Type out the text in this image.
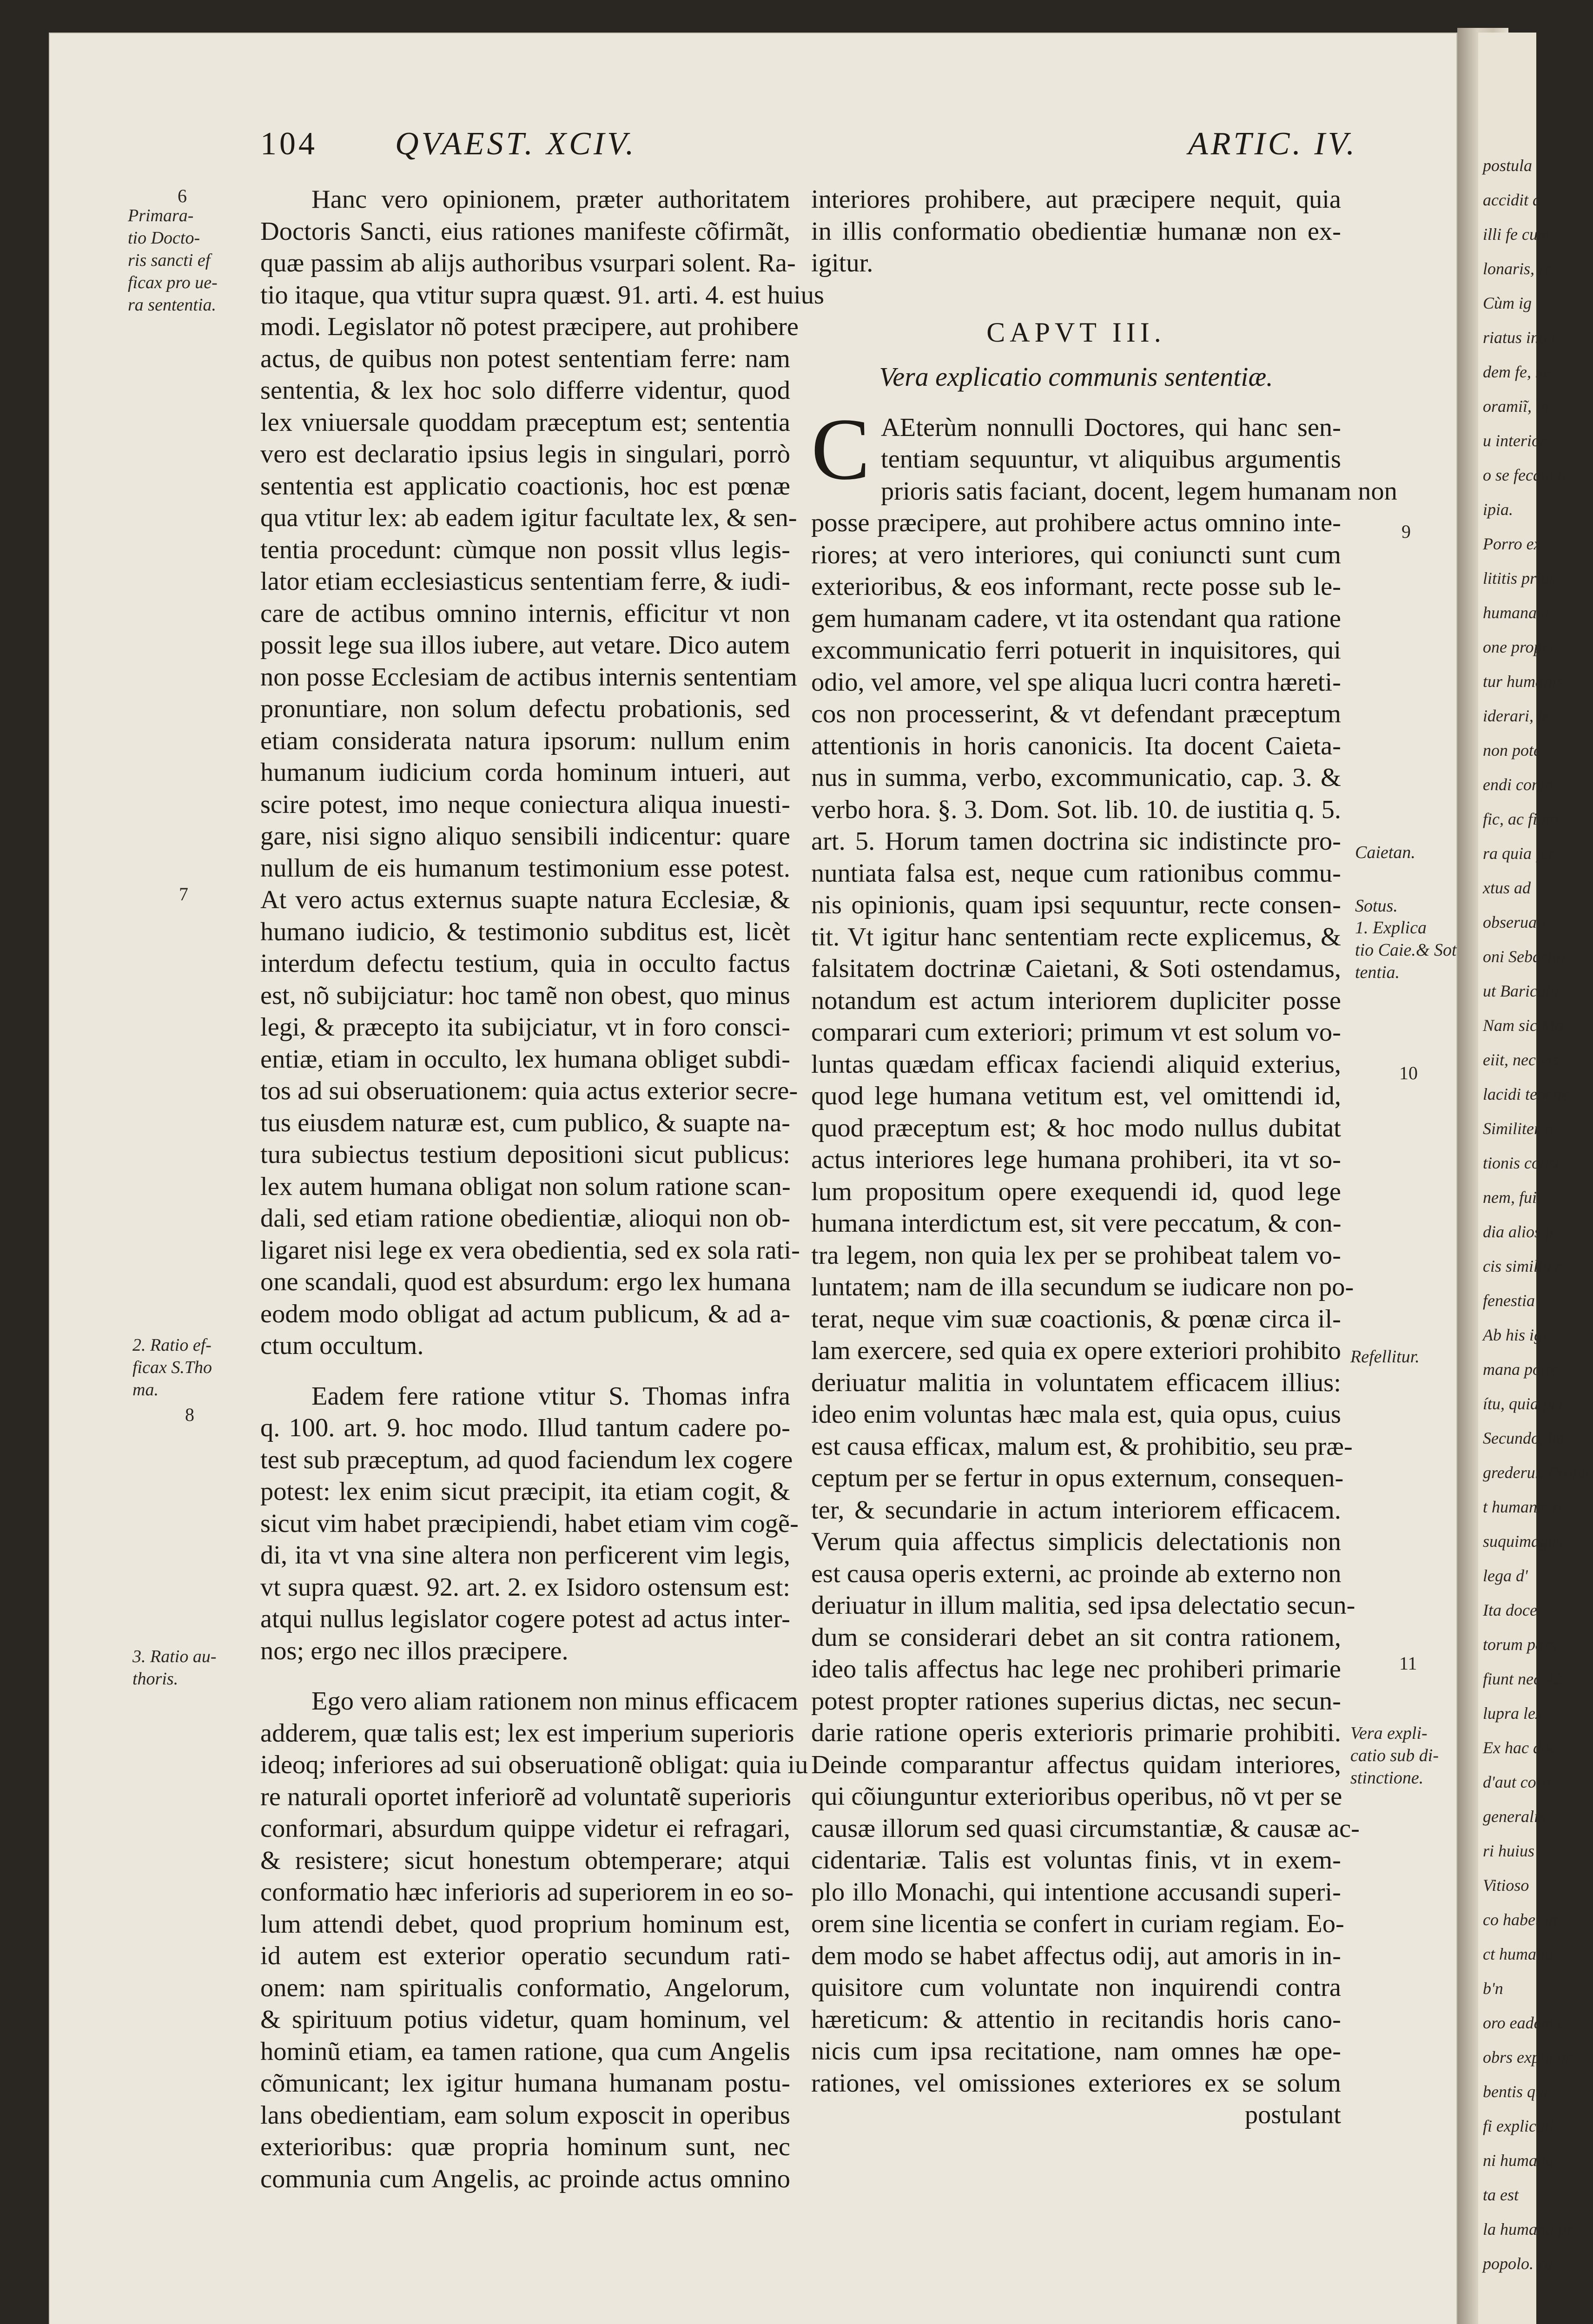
postula
accidit a
illi fe cum
lonaris, re
Cùm ig
riatus inter
dem fe, ne
oramiĩ, in
u interior
o se fecam n
ipia.
Porro ex
lititis prius
humanam
one propri
tur humanis
iderari, fe
non pote
endi confo
fic, ac fi no
ra quia fer
xtus ad
obseruati
oni Sebastiã
ut Bariculu
Nam sic Mo
eiit, nec vis
lacidi tepene
Similiter n
tionis conse
nem, fuit
dia alios fe
cis similiter
fenestia
Ab his igi
mana potte
ítu, quia pet
Secundo, ha
grederur. Propte
t humanæ p
suquimagus
lega d'
Ita doce
torum pass
fiunt nec 42
lupra lex
Ex hac doc
d'aut cosa
generalis
ri huius
Vitioso
co habet in
ct humana
b'n
oro eadem c
obrs explicar
bentis que
fi explicati
ni humana
ta est
la humana pr
popolo. ra
104 QVAEST. XCIV.	ARTIC. IV.
6
Primara-
tio Docto-
ris sancti ef
ficax pro ue-
ra sententia.
7
2. Ratio ef-
ficax S.Tho
ma.
8
3. Ratio au-
thoris.
9
Caietan.
Sotus.
1. Explica
tio Caie.& Sot
tentia.
10
Refellitur.
11
Vera expli-
catio sub di-
stinctione.
Hanc vero opinionem, præter authoritatem
Doctoris Sancti, eius rationes manifeste cõfirmãt,
quæ passim ab alijs authoribus vsurpari solent. Ra-
tio itaque, qua vtitur supra quæst. 91. arti. 4. est huius
modi. Legislator nõ potest præcipere, aut prohibere
actus, de quibus non potest sententiam ferre: nam
sententia, & lex hoc solo differre videntur, quod
lex vniuersale quoddam præceptum est; sententia
vero est declaratio ipsius legis in singulari, porrò
sententia est applicatio coactionis, hoc est pœnæ
qua vtitur lex: ab eadem igitur facultate lex, & sen-
tentia procedunt: cùmque non possit vllus legis-
lator etiam ecclesiasticus sententiam ferre, & iudi-
care de actibus omnino internis, efficitur vt non
possit lege sua illos iubere, aut vetare. Dico autem
non posse Ecclesiam de actibus internis sententiam
pronuntiare, non solum defectu probationis, sed
etiam considerata natura ipsorum: nullum enim
humanum iudicium corda hominum intueri, aut
scire potest, imo neque coniectura aliqua inuesti-
gare, nisi signo aliquo sensibili indicentur: quare
nullum de eis humanum testimonium esse potest.
At vero actus externus suapte natura Ecclesiæ, &
humano iudicio, & testimonio subditus est, licèt
interdum defectu testium, quia in occulto factus
est, nõ subijciatur: hoc tamẽ non obest, quo minus
legi, & præcepto ita subijciatur, vt in foro consci-
entiæ, etiam in occulto, lex humana obliget subdi-
tos ad sui obseruationem: quia actus exterior secre-
tus eiusdem naturæ est, cum publico, & suapte na-
tura subiectus testium depositioni sicut publicus:
lex autem humana obligat non solum ratione scan-
dali, sed etiam ratione obedientiæ, alioqui non ob-
ligaret nisi lege ex vera obedientia, sed ex sola rati-
one scandali, quod est absurdum: ergo lex humana
eodem modo obligat ad actum publicum, & ad a-
ctum occultum.
Eadem fere ratione vtitur S. Thomas infra
q. 100. art. 9. hoc modo. Illud tantum cadere po-
test sub præceptum, ad quod faciendum lex cogere
potest: lex enim sicut præcipit, ita etiam cogit, &
sicut vim habet præcipiendi, habet etiam vim cogẽ-
di, ita vt vna sine altera non perficerent vim legis,
vt supra quæst. 92. art. 2. ex Isidoro ostensum est:
atqui nullus legislator cogere potest ad actus inter-
nos; ergo nec illos præcipere.
Ego vero aliam rationem non minus efficacem
adderem, quæ talis est; lex est imperium superioris
ideoq; inferiores ad sui obseruationẽ obligat: quia iu
re naturali oportet inferiorẽ ad voluntatẽ superioris
conformari, absurdum quippe videtur ei refragari,
& resistere; sicut honestum obtemperare; atqui
conformatio hæc inferioris ad superiorem in eo so-
lum attendi debet, quod proprium hominum est,
id autem est exterior operatio secundum rati-
onem: nam spiritualis conformatio, Angelorum,
& spirituum potius videtur, quam hominum, vel
hominũ etiam, ea tamen ratione, qua cum Angelis
cõmunicant; lex igitur humana humanam postu-
lans obedientiam, eam solum exposcit in operibus
exterioribus: quæ propria hominum sunt, nec
communia cum Angelis, ac proinde actus omnino
interiores prohibere, aut præcipere nequit, quia
in illis conformatio obedientiæ humanæ non ex-
igitur.
CAPVT III.
Vera explicatio communis sententiæ.
C AEterùm nonnulli Doctores, qui hanc sen-
tentiam sequuntur, vt aliquibus argumentis
prioris satis faciant, docent, legem humanam non
posse præcipere, aut prohibere actus omnino inte-
riores; at vero interiores, qui coniuncti sunt cum
exterioribus, & eos informant, recte posse sub le-
gem humanam cadere, vt ita ostendant qua ratione
excommunicatio ferri potuerit in inquisitores, qui
odio, vel amore, vel spe aliqua lucri contra hæreti-
cos non processerint, & vt defendant præceptum
attentionis in horis canonicis. Ita docent Caieta-
nus in summa, verbo, excommunicatio, cap. 3. &
verbo hora. §. 3. Dom. Sot. lib. 10. de iustitia q. 5.
art. 5. Horum tamen doctrina sic indistincte pro-
nuntiata falsa est, neque cum rationibus commu-
nis opinionis, quam ipsi sequuntur, recte consen-
tit. Vt igitur hanc sententiam recte explicemus, &
falsitatem doctrinæ Caietani, & Soti ostendamus,
notandum est actum interiorem dupliciter posse
comparari cum exteriori; primum vt est solum vo-
luntas quædam efficax faciendi aliquid exterius,
quod lege humana vetitum est, vel omittendi id,
quod præceptum est; & hoc modo nullus dubitat
actus interiores lege humana prohiberi, ita vt so-
lum propositum opere exequendi id, quod lege
humana interdictum est, sit vere peccatum, & con-
tra legem, non quia lex per se prohibeat talem vo-
luntatem; nam de illa secundum se iudicare non po-
terat, neque vim suæ coactionis, & pœnæ circa il-
lam exercere, sed quia ex opere exteriori prohibito
deriuatur malitia in voluntatem efficacem illius:
ideo enim voluntas hæc mala est, quia opus, cuius
est causa efficax, malum est, & prohibitio, seu præ-
ceptum per se fertur in opus externum, consequen-
ter, & secundarie in actum interiorem efficacem.
Verum quia affectus simplicis delectationis non
est causa operis externi, ac proinde ab externo non
deriuatur in illum malitia, sed ipsa delectatio secun-
dum se considerari debet an sit contra rationem,
ideo talis affectus hac lege nec prohiberi primarie
potest propter rationes superius dictas, nec secun-
darie ratione operis exterioris primarie prohibiti.
Deinde comparantur affectus quidam interiores,
qui cõiunguntur exterioribus operibus, nõ vt per se
causæ illorum sed quasi circumstantiæ, & causæ ac-
cidentariæ. Talis est voluntas finis, vt in exem-
plo illo Monachi, qui intentione accusandi superi-
orem sine licentia se confert in curiam regiam. Eo-
dem modo se habet affectus odij, aut amoris in in-
quisitore cum voluntate non inquirendi contra
hæreticum: & attentio in recitandis horis cano-
nicis cum ipsa recitatione, nam omnes hæ ope-
rationes, vel omissiones exteriores ex se solum
postulant
